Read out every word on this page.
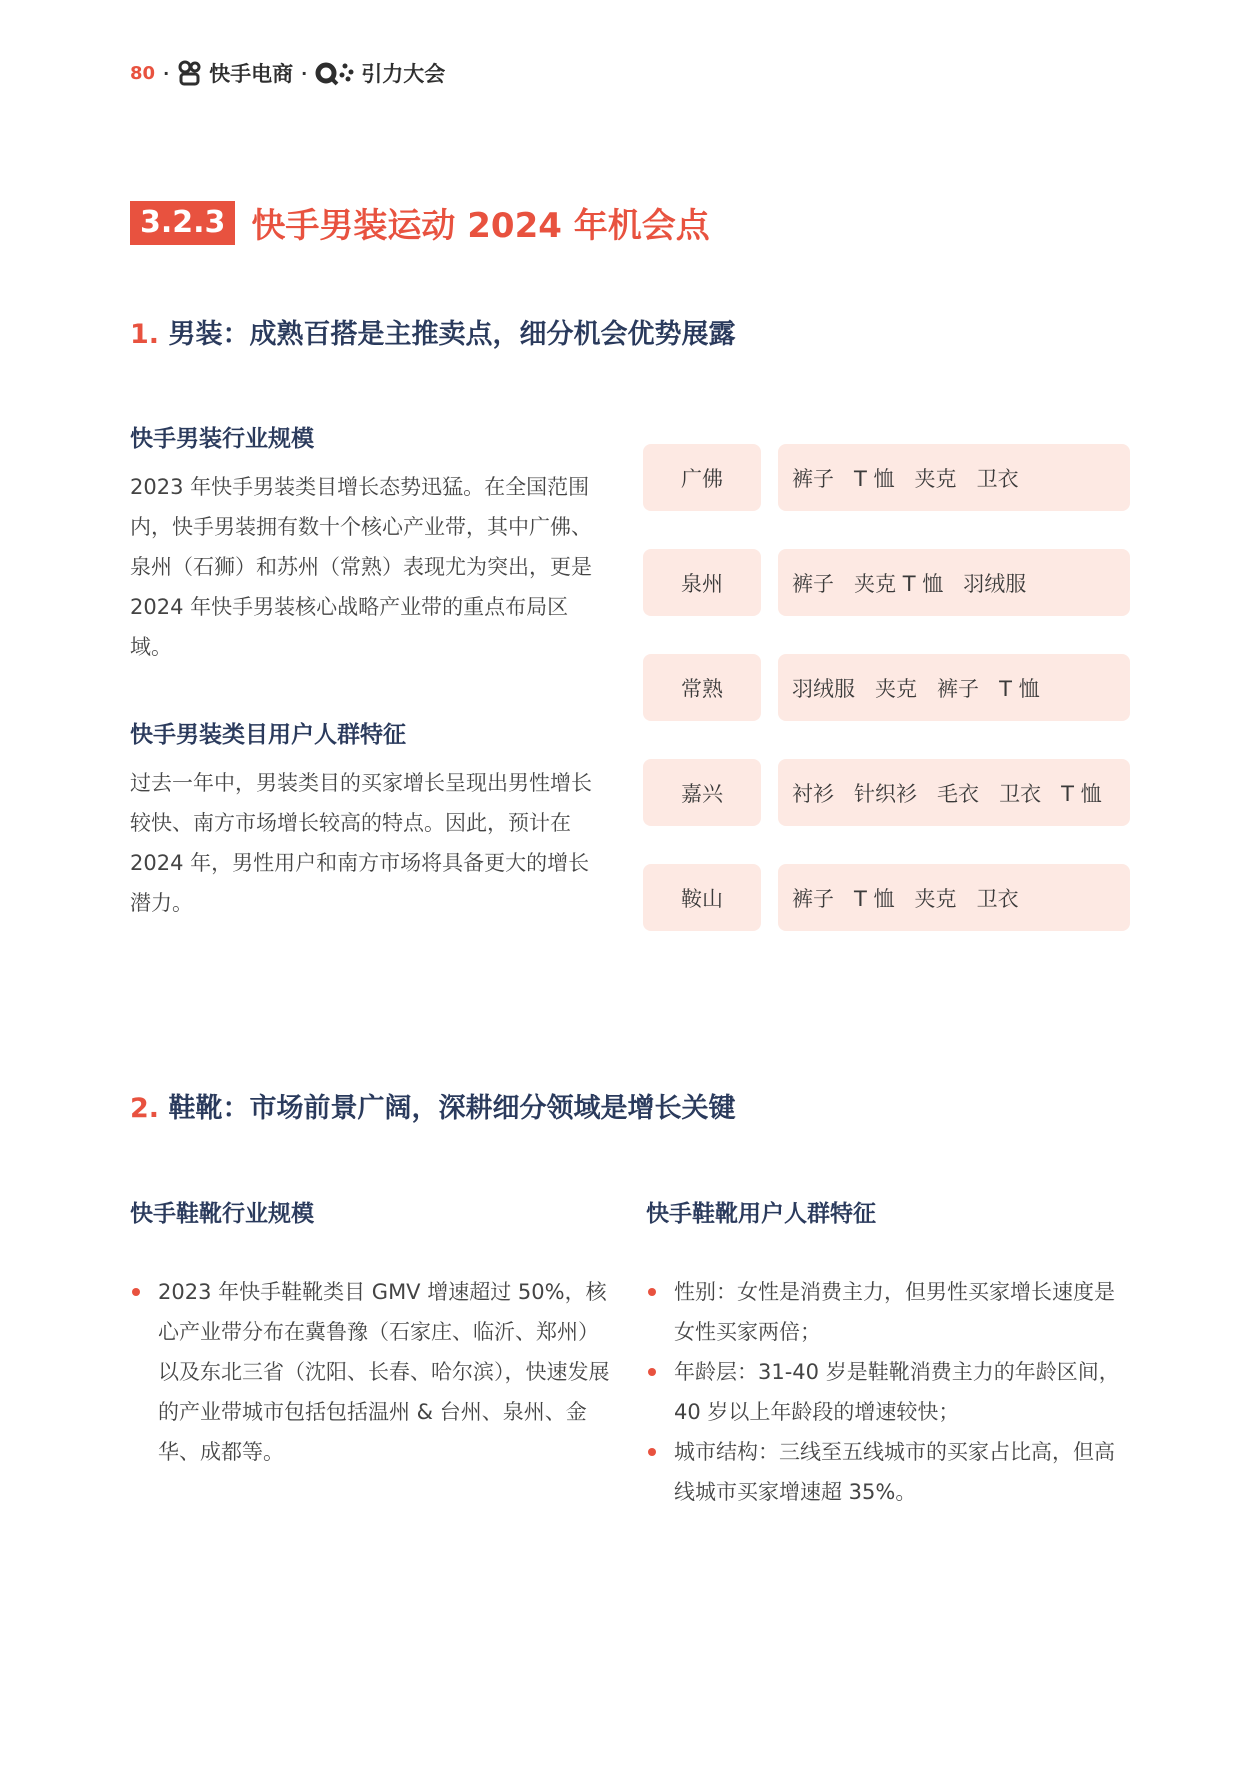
80 · 快手电商 ·	引力大会
3.2.3 快手男装运动 2024 年机会点
1. 男装：成熟百搭是主推卖点，细分机会优势展露
快手男装行业规模
2023 年快手男装类目增长态势迅猛。在全国范围内，快手男装拥有数十个核心产业带，其中广佛、泉州（石狮）和苏州（常熟）表现尤为突出，更是 2024 年快手男装核心战略产业带的重点布局区域。
快手男装类目用户人群特征
过去一年中，男装类目的买家增长呈现出男性增长较快、南方市场增长较高的特点。因此，预计在 2024 年，男性用户和南方市场将具备更大的增长潜力。
广佛	裤子   T 恤   夹克   卫衣
泉州	裤子   夹克 T 恤   羽绒服
常熟	羽绒服   夹克   裤子   T 恤
嘉兴	衬衫   针织衫   毛衣   卫衣   T 恤
鞍山	裤子   T 恤   夹克   卫衣
2. 鞋靴：市场前景广阔，深耕细分领域是增长关键
快手鞋靴行业规模
2023 年快手鞋靴类目 GMV 增速超过 50%，核心产业带分布在冀鲁豫（石家庄、临沂、郑州）以及东北三省（沈阳、长春、哈尔滨），快速发展的产业带城市包括包括温州 & 台州、泉州、金华、成都等。
快手鞋靴用户人群特征
性别：女性是消费主力，但男性买家增长速度是女性买家两倍；
年龄层：31-40 岁是鞋靴消费主力的年龄区间，40 岁以上年龄段的增速较快；
城市结构：三线至五线城市的买家占比高，但高线城市买家增速超 35%。
